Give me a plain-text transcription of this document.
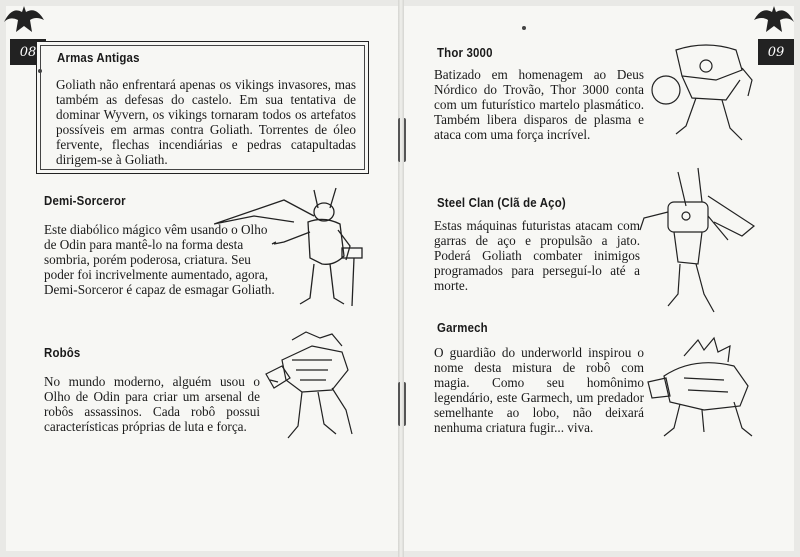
08	09
Armas Antigas

Goliath não enfrentará apenas os vikings invasores, mas também as defesas do castelo. Em sua tentativa de dominar Wyvern, os vikings tornaram todos os artefatos possíveis em armas contra Goliath. Torrentes de óleo fervente, flechas incendiárias e pedras catapultadas dirigem-se à Goliath.

Demi-Sorceror

Este diabólico mágico vêm usando o Olho de Odin para mantê-lo na forma desta sombria, porém poderosa, criatura. Seu poder foi incrivelmente aumentado, agora, Demi-Sorceror é capaz de esmagar Goliath.

Robôs

No mundo moderno, alguém usou o Olho de Odin para criar um arsenal de robôs assassinos. Cada robô possui características próprias de luta e força.

Thor 3000

Batizado em homenagem ao Deus Nórdico do Trovão, Thor 3000 conta com um futurístico martelo plasmático. Também libera disparos de plasma e ataca com uma força incrível.

Steel Clan (Clã de Aço)

Estas máquinas futuristas atacam com garras de aço e propulsão a jato. Poderá Goliath combater inimigos programados para perseguí-lo até a morte.

Garmech

O guardião do underworld inspirou o nome desta mistura de robô com magia. Como seu homônimo legendário, este Garmech, um predador semelhante ao lobo, não deixará nenhuma criatura fugir... viva.
